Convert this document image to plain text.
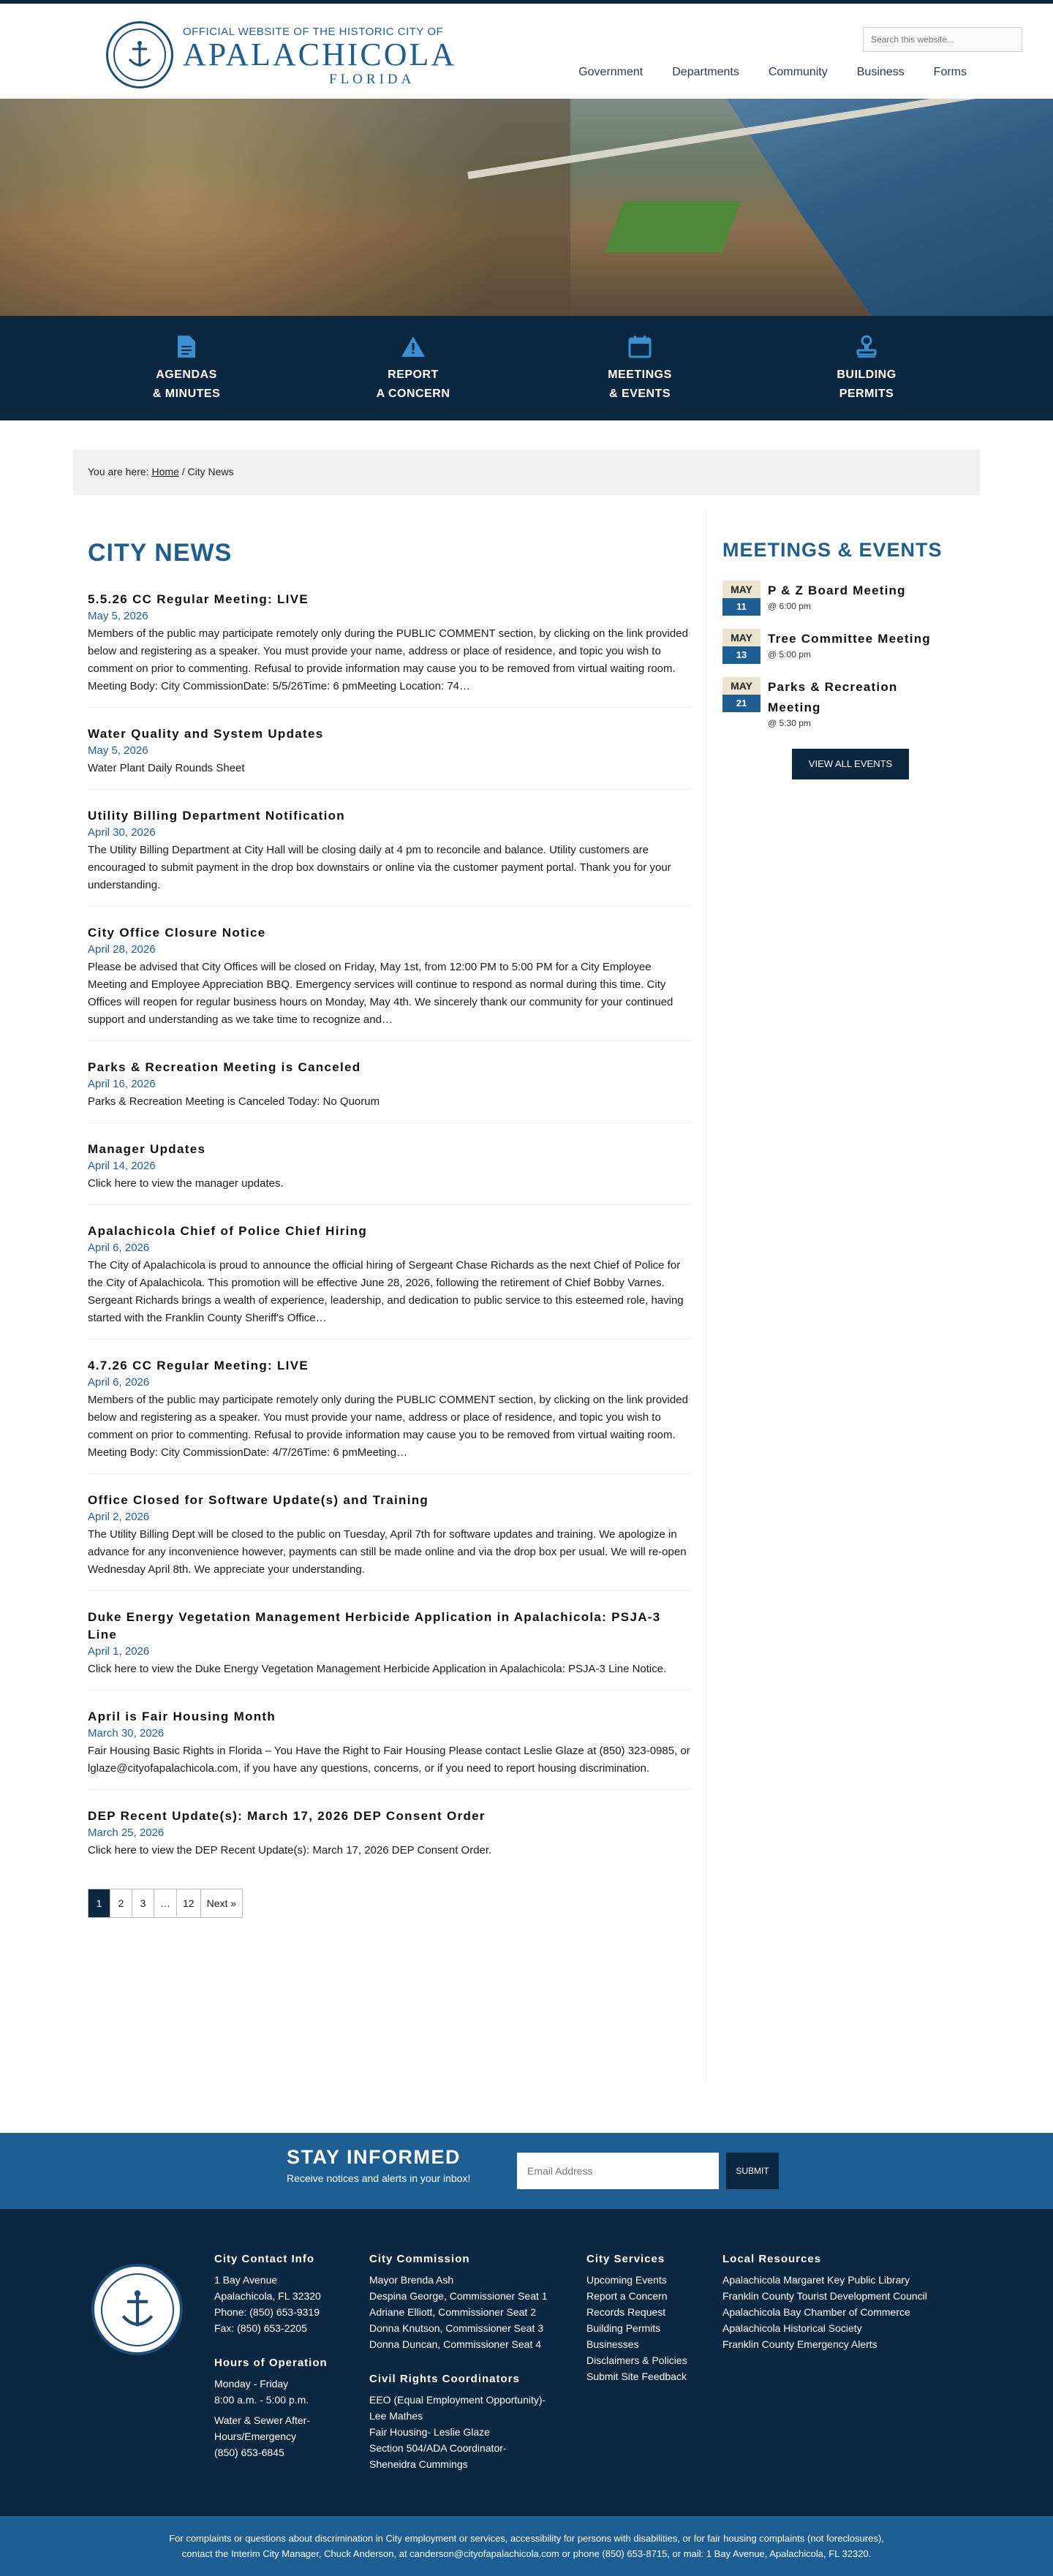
OFFICIAL WEBSITE OF THE HISTORIC CITY OF
APALACHICOLA
FLORIDA
Search this website...	Government	Departments	Community	Business	Forms
AGENDAS
& MINUTES
REPORT
A CONCERN
MEETINGS
& EVENTS
BUILDING
PERMITS
You are here: Home / City News
CITY NEWS
5.5.26 CC Regular Meeting: LIVE
May 5, 2026
Members of the public may participate remotely only during the PUBLIC COMMENT section, by clicking on the link provided below and registering as a speaker. You must provide your name, address or place of residence, and topic you wish to comment on prior to commenting. Refusal to provide information may cause you to be removed from virtual waiting room. Meeting Body: City CommissionDate: 5/5/26Time: 6 pmMeeting Location: 74…
Water Quality and System Updates
May 5, 2026
Water Plant Daily Rounds Sheet
Utility Billing Department Notification
April 30, 2026
The Utility Billing Department at City Hall will be closing daily at 4 pm to reconcile and balance. Utility customers are encouraged to submit payment in the drop box downstairs or online via the customer payment portal. Thank you for your understanding.
City Office Closure Notice
April 28, 2026
Please be advised that City Offices will be closed on Friday, May 1st, from 12:00 PM to 5:00 PM for a City Employee Meeting and Employee Appreciation BBQ. Emergency services will continue to respond as normal during this time. City Offices will reopen for regular business hours on Monday, May 4th. We sincerely thank our community for your continued support and understanding as we take time to recognize and…
Parks & Recreation Meeting is Canceled
April 16, 2026
Parks & Recreation Meeting is Canceled Today: No Quorum
Manager Updates
April 14, 2026
Click here to view the manager updates.
Apalachicola Chief of Police Chief Hiring
April 6, 2026
The City of Apalachicola is proud to announce the official hiring of Sergeant Chase Richards as the next Chief of Police for the City of Apalachicola. This promotion will be effective June 28, 2026, following the retirement of Chief Bobby Varnes. Sergeant Richards brings a wealth of experience, leadership, and dedication to public service to this esteemed role, having started with the Franklin County Sheriff's Office…
4.7.26 CC Regular Meeting: LIVE
April 6, 2026
Members of the public may participate remotely only during the PUBLIC COMMENT section, by clicking on the link provided below and registering as a speaker. You must provide your name, address or place of residence, and topic you wish to comment on prior to commenting. Refusal to provide information may cause you to be removed from virtual waiting room. Meeting Body: City CommissionDate: 4/7/26Time: 6 pmMeeting…
Office Closed for Software Update(s) and Training
April 2, 2026
The Utility Billing Dept will be closed to the public on Tuesday, April 7th for software updates and training. We apologize in advance for any inconvenience however, payments can still be made online and via the drop box per usual. We will re-open Wednesday April 8th. We appreciate your understanding.
Duke Energy Vegetation Management Herbicide Application in Apalachicola: PSJA-3 Line
April 1, 2026
Click here to view the Duke Energy Vegetation Management Herbicide Application in Apalachicola: PSJA-3 Line Notice.
April is Fair Housing Month
March 30, 2026
Fair Housing Basic Rights in Florida – You Have the Right to Fair Housing Please contact Leslie Glaze at (850) 323-0985, or lglaze@cityofapalachicola.com, if you have any questions, concerns, or if you need to report housing discrimination.
DEP Recent Update(s): March 17, 2026 DEP Consent Order
March 25, 2026
Click here to view the DEP Recent Update(s): March 17, 2026 DEP Consent Order.
1	2	3	…	12	Next »
MEETINGS & EVENTS
MAY
11
P & Z Board Meeting
@ 6:00 pm
MAY
13
Tree Committee Meeting
@ 5:00 pm
MAY
21
Parks & Recreation Meeting
@ 5:30 pm
VIEW ALL EVENTS
STAY INFORMED
Receive notices and alerts in your inbox!
Email Address
SUBMIT
City Contact Info
1 Bay Avenue
Apalachicola, FL 32320
Phone: (850) 653-9319
Fax: (850) 653-2205
Hours of Operation
Monday - Friday
8:00 a.m. - 5:00 p.m.
Water & Sewer After-
Hours/Emergency
(850) 653-6845
City Commission
Mayor Brenda Ash
Despina George, Commissioner Seat 1
Adriane Elliott, Commissioner Seat 2
Donna Knutson, Commissioner Seat 3
Donna Duncan, Commissioner Seat 4
Civil Rights Coordinators
EEO (Equal Employment Opportunity)-
Lee Mathes
Fair Housing- Leslie Glaze
Section 504/ADA Coordinator-
Sheneidra Cummings
City Services
Upcoming Events
Report a Concern
Records Request
Building Permits
Businesses
Disclaimers & Policies
Submit Site Feedback
Local Resources
Apalachicola Margaret Key Public Library
Franklin County Tourist Development Council
Apalachicola Bay Chamber of Commerce
Apalachicola Historical Society
Franklin County Emergency Alerts
For complaints or questions about discrimination in City employment or services, accessibility for persons with disabilities, or for fair housing complaints (not foreclosures),
contact the Interim City Manager, Chuck Anderson, at canderson@cityofapalachicola.com or phone (850) 653-8715, or mail: 1 Bay Avenue, Apalachicola, FL 32320.
